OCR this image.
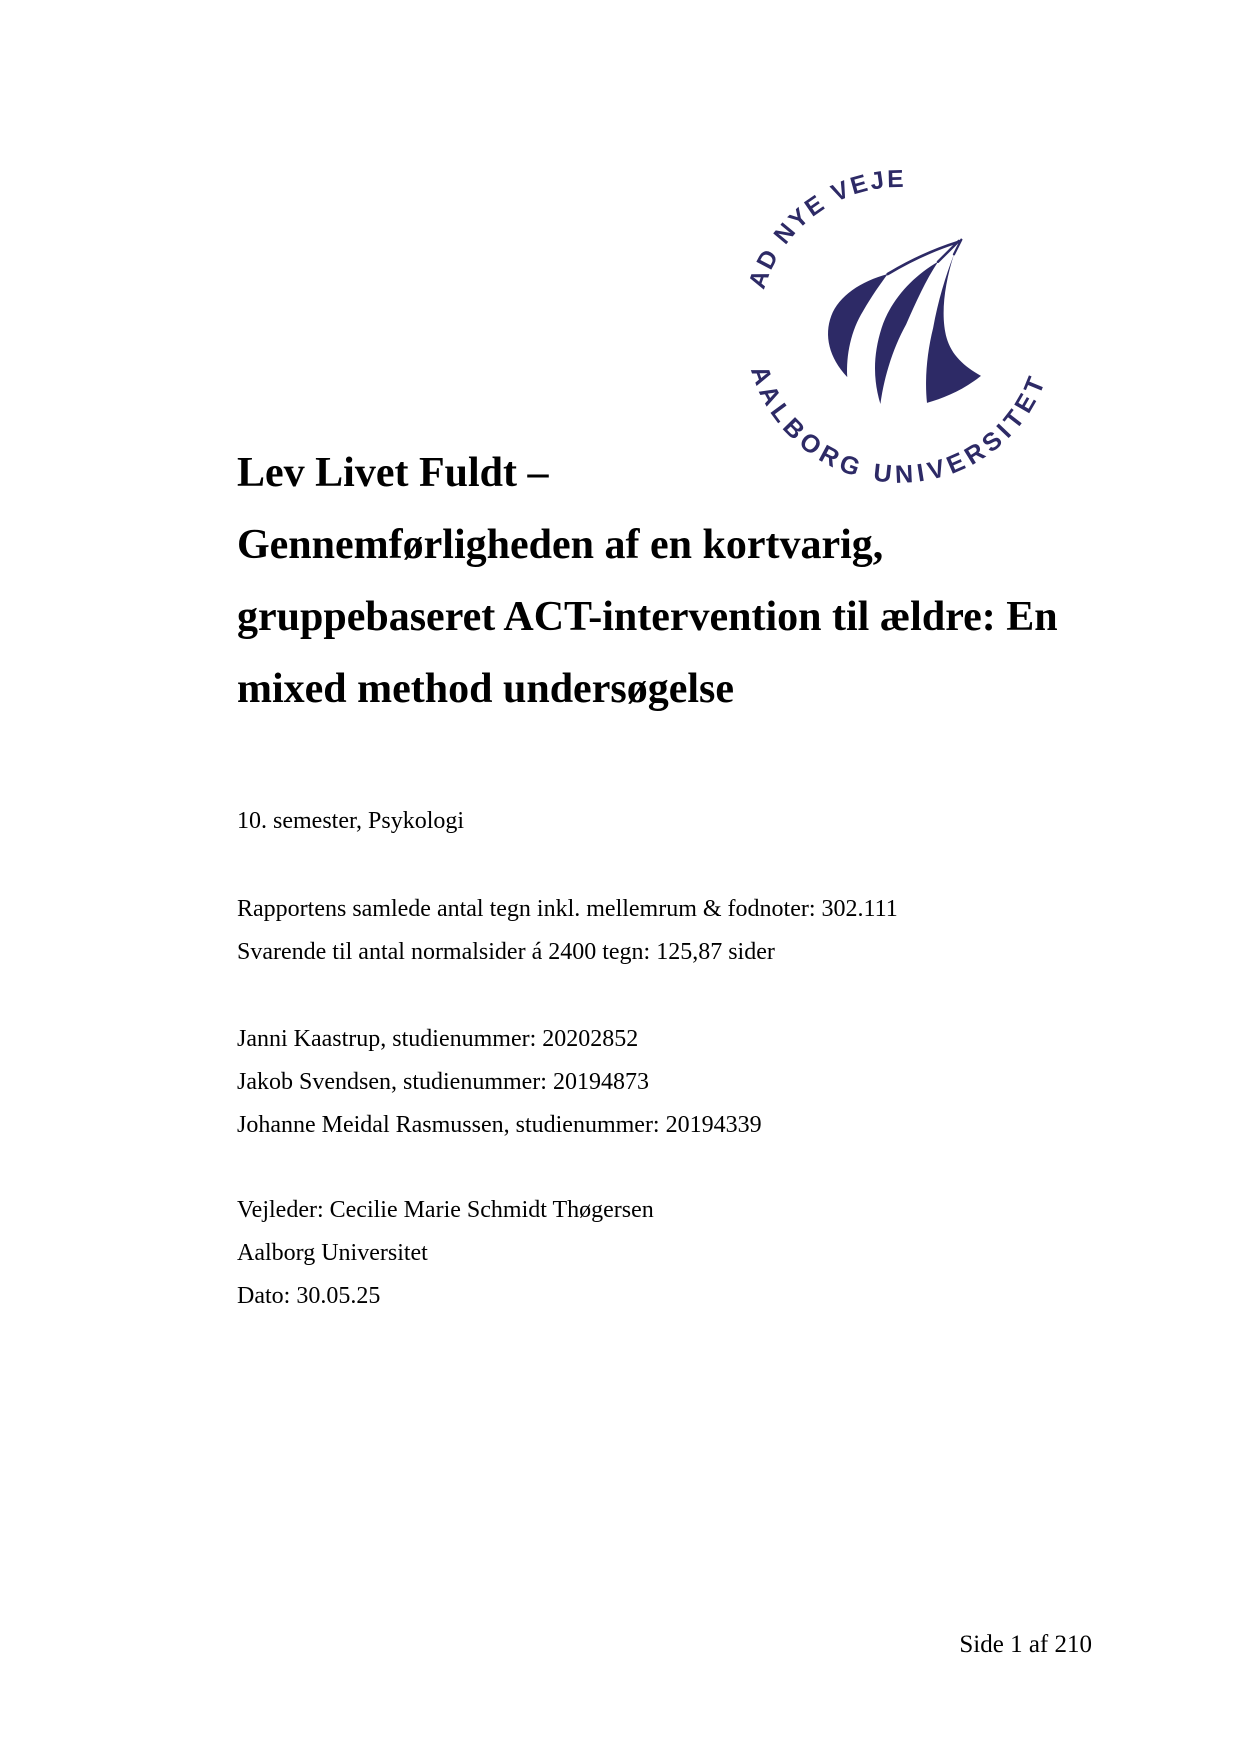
AD NYE VEJE
AALBORG UNIVERSITET
Lev Livet Fuldt –
Gennemførligheden af en kortvarig,
gruppebaseret ACT-intervention til ældre: En
mixed method undersøgelse
10. semester, Psykologi
Rapportens samlede antal tegn inkl. mellemrum & fodnoter: 302.111
Svarende til antal normalsider á 2400 tegn: 125,87 sider
Janni Kaastrup, studienummer: 20202852
Jakob Svendsen, studienummer: 20194873
Johanne Meidal Rasmussen, studienummer: 20194339
Vejleder: Cecilie Marie Schmidt Thøgersen
Aalborg Universitet
Dato: 30.05.25
Side 1 af 210
